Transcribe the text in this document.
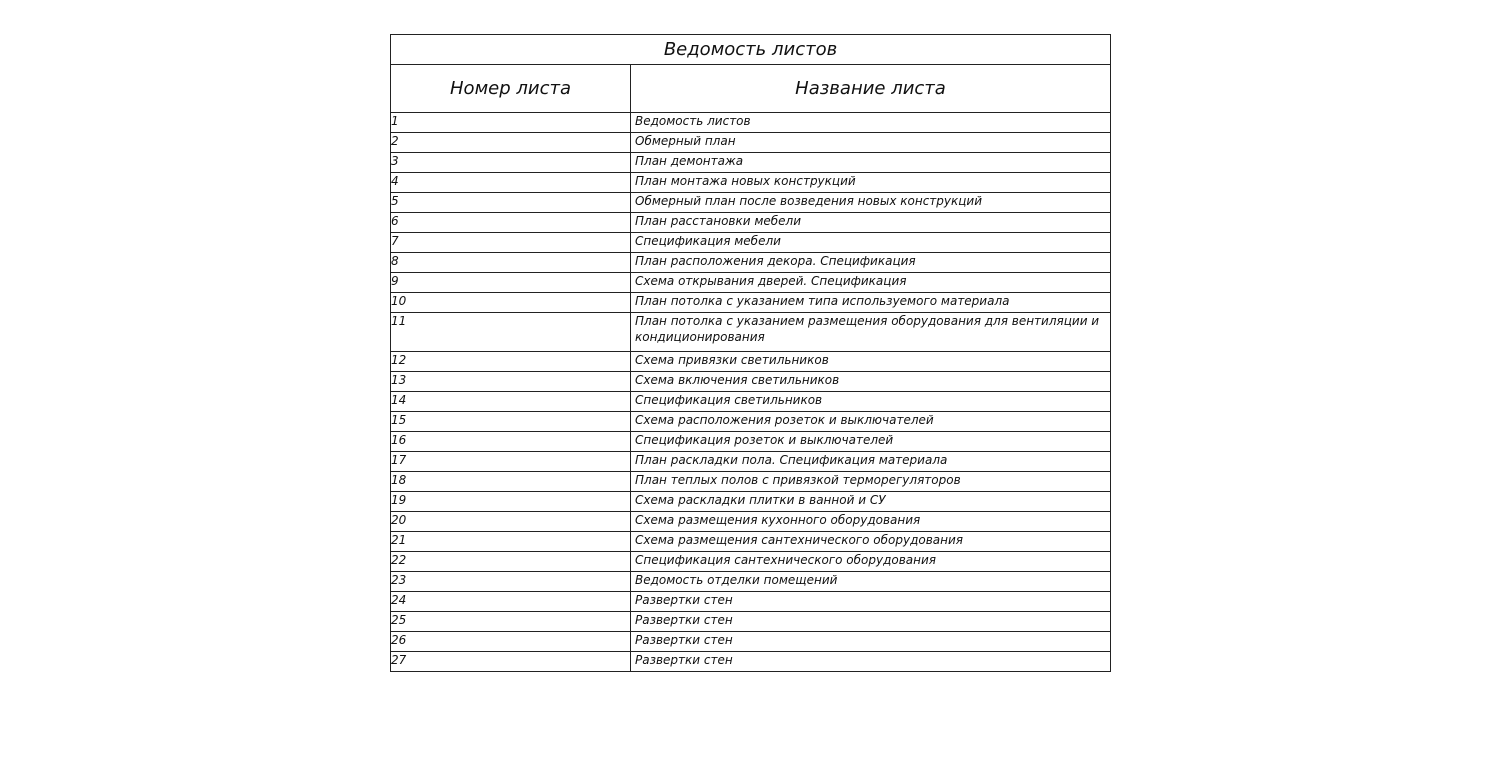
Ведомость листов	
Номер листа	Название листа
1	Ведомость листов
2	Обмерный план
3	План демонтажа
4	План монтажа новых конструкций
5	Обмерный план после возведения новых конструкций
6	План расстановки мебели
7	Спецификация мебели
8	План расположения декора. Спецификация
9	Схема открывания дверей. Спецификация
10	План потолка с указанием типа используемого материала
11	План потолка с указанием размещения оборудования для вентиляции и кондиционирования
12	Схема привязки светильников
13	Схема включения светильников
14	Спецификация светильников
15	Схема расположения розеток и выключателей
16	Спецификация розеток и выключателей
17	План раскладки пола. Спецификация материала
18	План теплых полов с привязкой терморегуляторов
19	Схема раскладки плитки в ванной и СУ
20	Схема размещения кухонного оборудования
21	Схема размещения сантехнического оборудования
22	Спецификация сантехнического оборудования
23	Ведомость отделки помещений
24	Развертки стен
25	Развертки стен
26	Развертки стен
27	Развертки стен
